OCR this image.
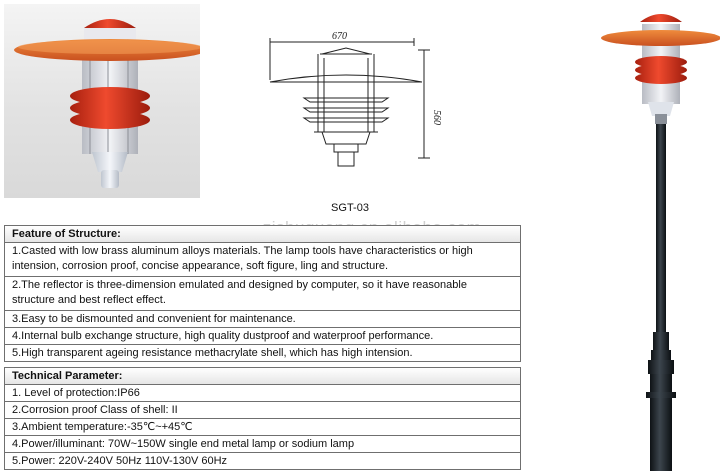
670
560
SGT-03
Feature of Structure:
1.Casted with low brass aluminum alloys materials. The lamp tools have characteristics or high
intension, corrosion proof, concise appearance, soft figure, ling and structure.
2.The reflector is three-dimension emulated and designed by computer, so it have reasonable
structure and best reflect effect.
3.Easy to be dismounted and convenient for maintenance.
4.Internal bulb exchange structure, high quality dustproof and waterproof performance.
5.High transparent ageing resistance methacrylate shell, which has high intension.
Technical Parameter:
1. Level of protection:IP66
2.Corrosion proof Class of shell: II
3.Ambient temperature:-35℃~+45℃
4.Power/illuminant: 70W~150W single end metal lamp or sodium lamp
5.Power: 220V-240V 50Hz 110V-130V 60Hz
